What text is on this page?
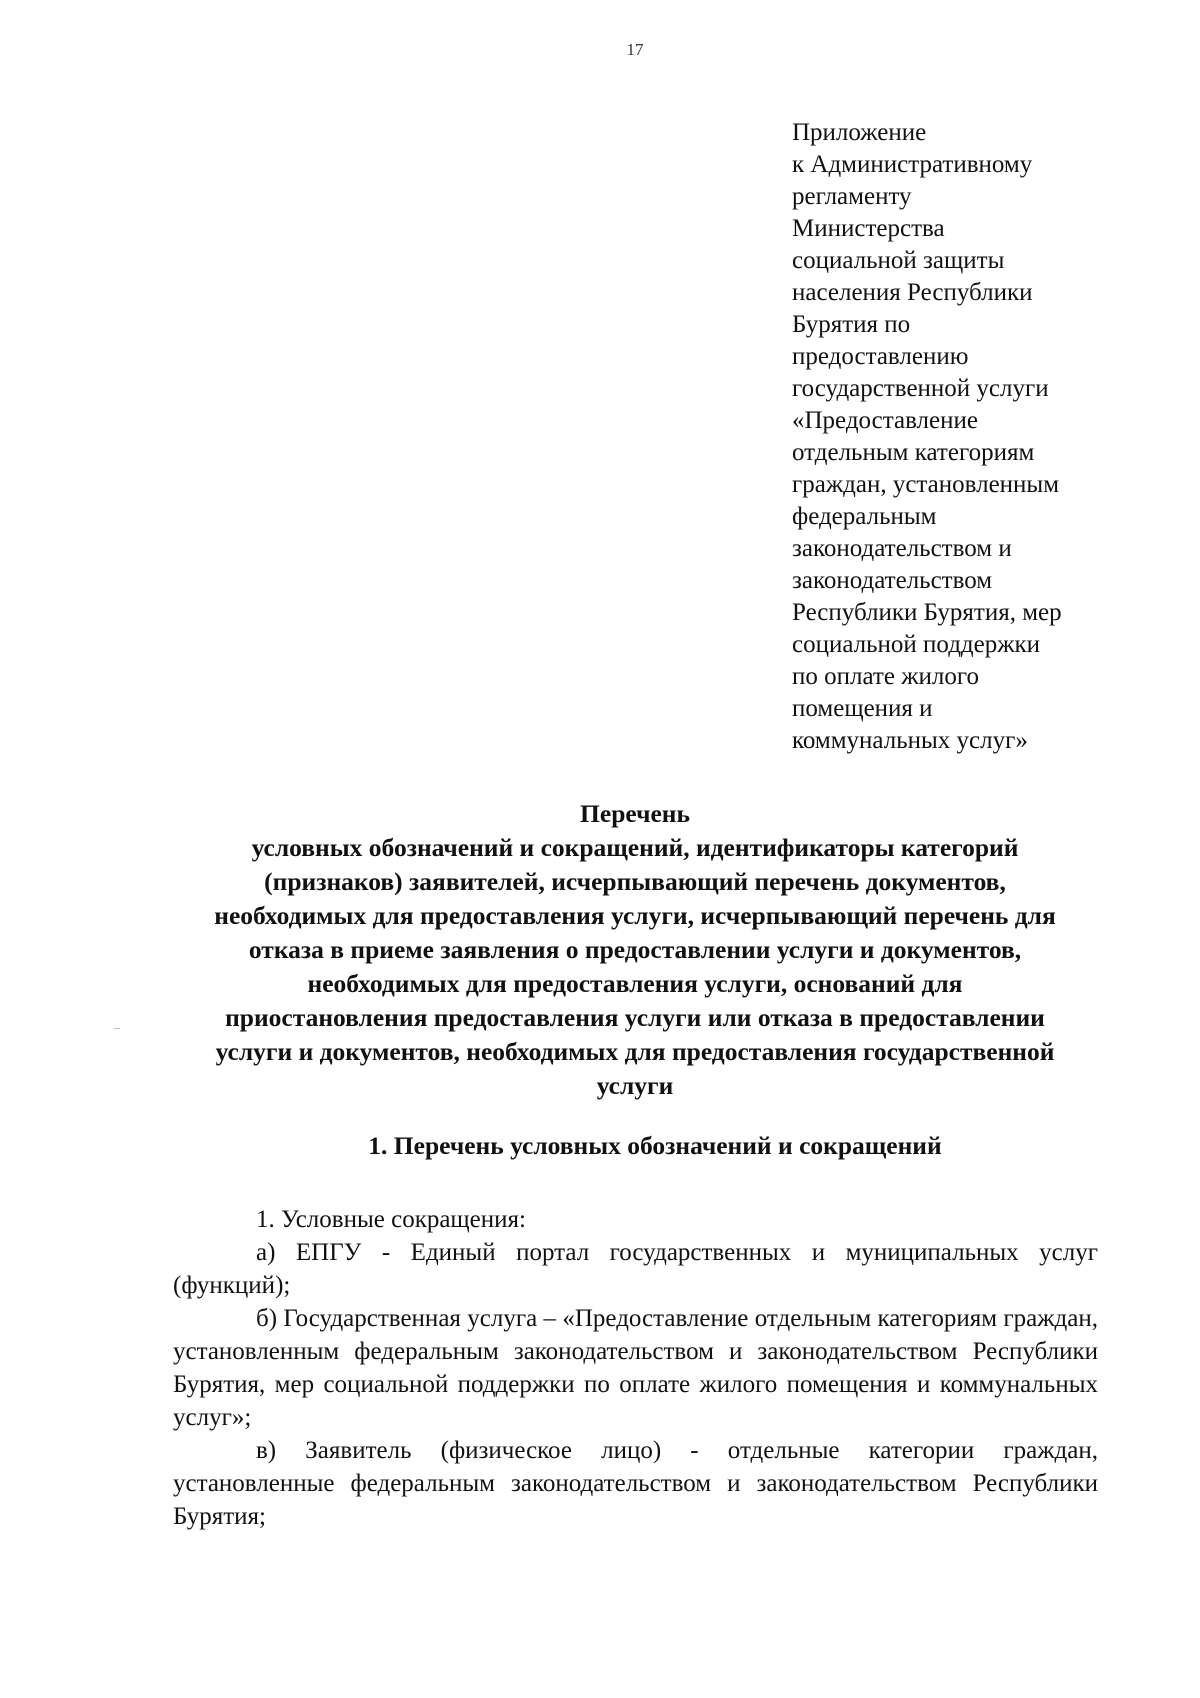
17
Приложение
к Административному
регламенту
Министерства
социальной защиты
населения Республики
Бурятия по
предоставлению
государственной услуги
«Предоставление
отдельным категориям
граждан, установленным
федеральным
законодательством и
законодательством
Республики Бурятия, мер
социальной поддержки
по оплате жилого
помещения и
коммунальных услуг»
Перечень
условных обозначений и сокращений, идентификаторы категорий
(признаков) заявителей, исчерпывающий перечень документов,
необходимых для предоставления услуги, исчерпывающий перечень для
отказа в приеме заявления о предоставлении услуги и документов,
необходимых для предоставления услуги, оснований для
приостановления предоставления услуги или отказа в предоставлении
услуги и документов, необходимых для предоставления государственной
услуги
1. Перечень условных обозначений и сокращений

1. Условные сокращения:

а) ЕПГУ - Единый портал государственных и муниципальных услуг (функций);

б) Государственная услуга – «Предоставление отдельным категориям граждан, установленным федеральным законодательством и законодательством Республики Бурятия, мер социальной поддержки по оплате жилого помещения и коммунальных услуг»;

в) Заявитель (физическое лицо) - отдельные категории граждан, установленные федеральным законодательством и законодательством Республики Бурятия;
